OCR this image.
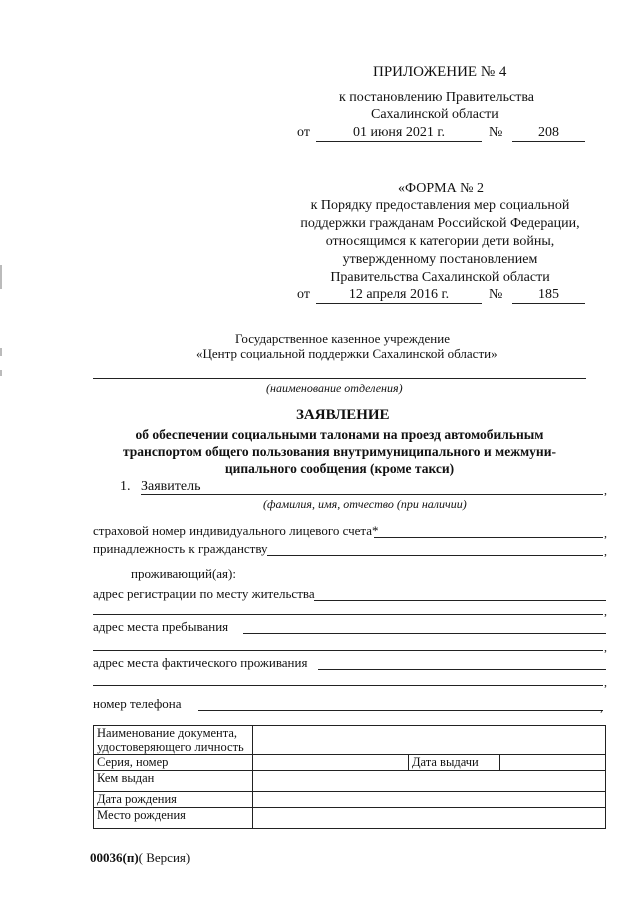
ПРИЛОЖЕНИЕ № 4
к постановлению Правительства
Сахалинской области
от	01 июня 2021 г.	№	208
«ФОРМА № 2
к Порядку предоставления мер социальной
поддержки гражданам Российской Федерации,
относящимся к категории дети войны,
утвержденному постановлением
Правительства Сахалинской области
от	12 апреля 2016 г.	№	185
Государственное казенное учреждение
«Центр социальной поддержки Сахалинской области»
(наименование отделения)
ЗАЯВЛЕНИЕ
об обеспечении социальными талонами на проезд автомобильным
транспортом общего пользования внутримуниципального и межмуни-
ципального сообщения (кроме такси)
1. Заявитель	,
(фамилия, имя, отчество (при наличии)
страховой номер индивидуального лицевого счета*	,
принадлежность к гражданству	,
проживающий(ая):
адрес регистрации по месту жительства
,
адрес места пребывания
,
адрес места фактического проживания
,
номер телефона	,
Наименование документа,
удостоверяющего личность			

Серия, номер		Дата выдачи	
Кем выдан			
Дата рождения			
Место рождения			
00036(п)( Версия)
